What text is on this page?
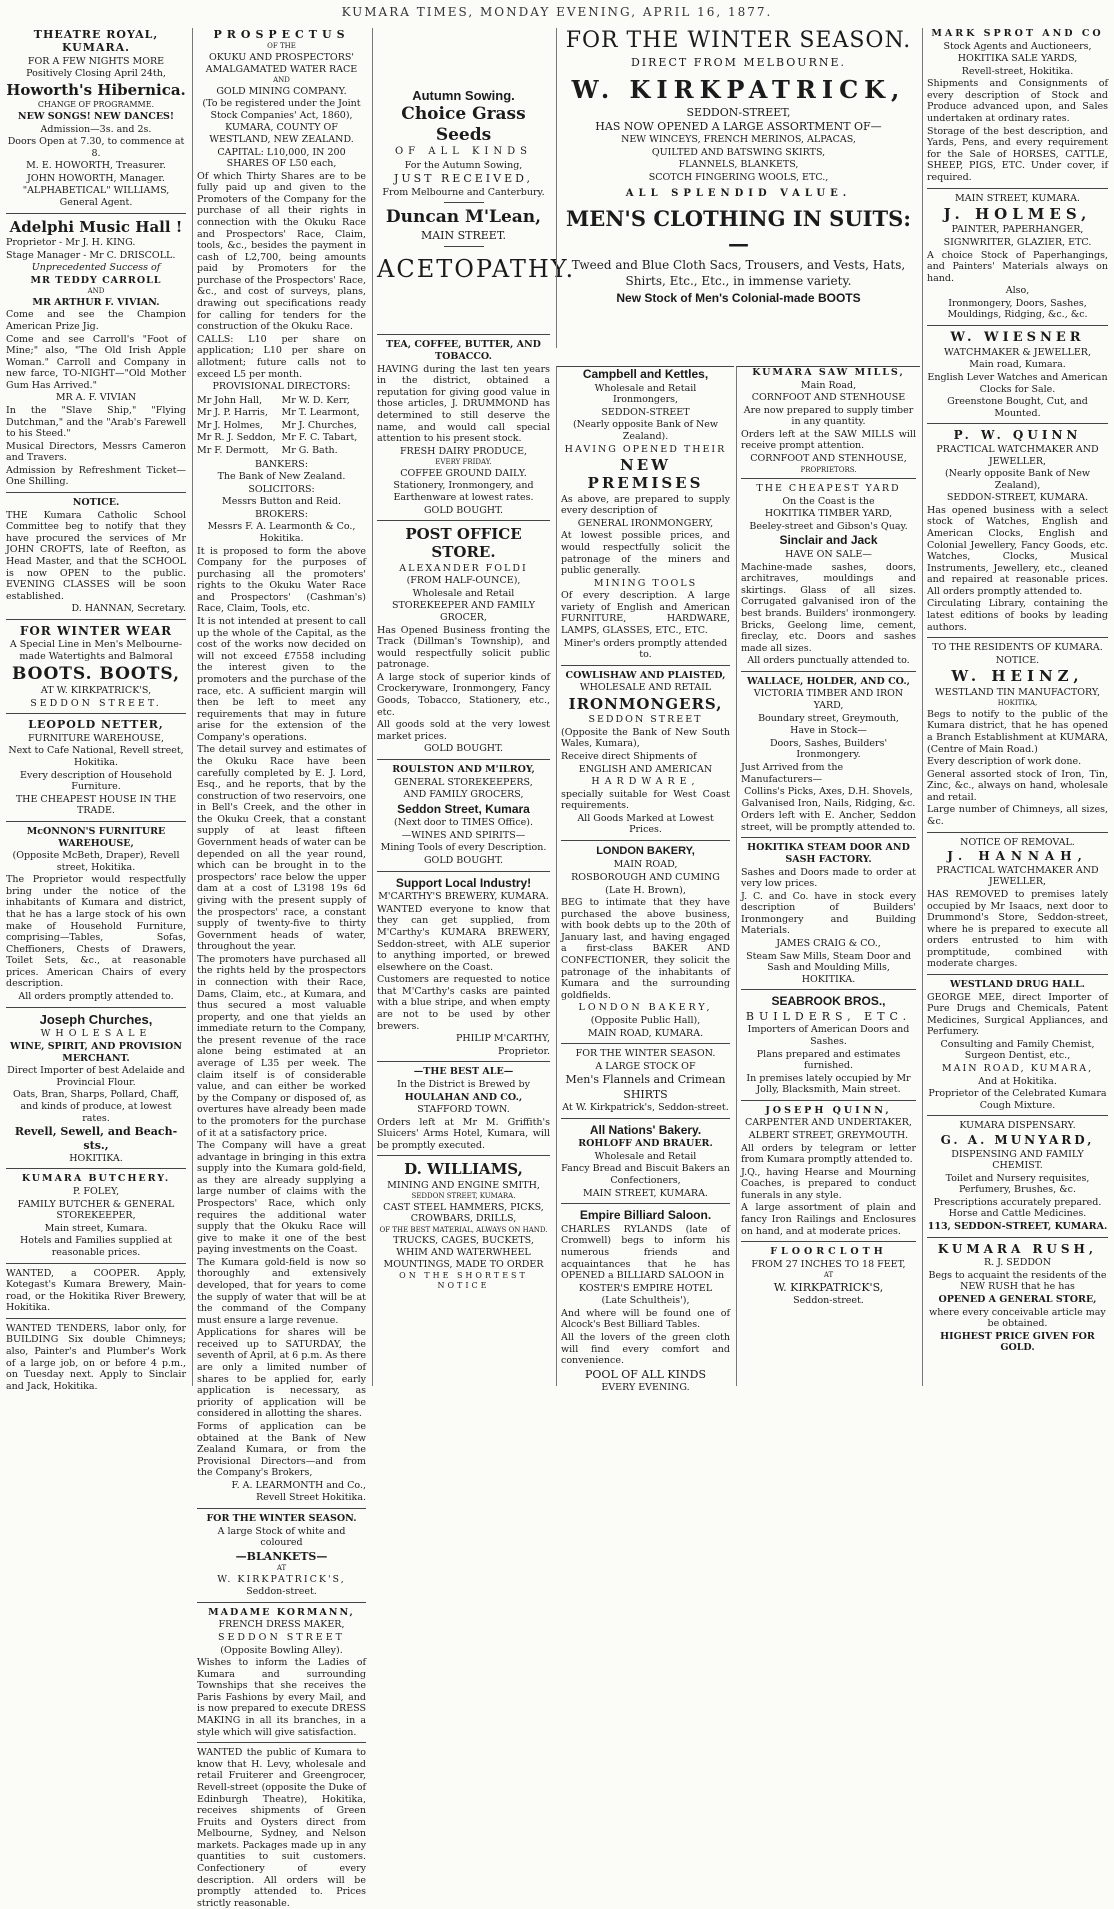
KUMARA TIMES, MONDAY EVENING, APRIL 16, 1877.
THEATRE ROYAL, KUMARA.
FOR A FEW NIGHTS MORE
Positively Closing April 24th,
Howorth's Hibernica.
CHANGE OF PROGRAMME.
NEW SONGS! NEW DANCES!
Admission—3s. and 2s.
Doors Open at 7.30, to commence at 8.
M. E. HOWORTH, Treasurer.
JOHN HOWORTH, Manager.
"ALPHABETICAL" WILLIAMS, General Agent.
Adelphi Music Hall !
Proprietor - Mr J. H. KING.
Stage Manager - Mr C. DRISCOLL.
Unprecedented Success of
MR TEDDY CARROLL
AND
MR ARTHUR F. VIVIAN.
Come and see the Champion American Prize Jig.
Come and see Carroll's "Foot of Mine;" also, "The Old Irish Apple Woman." Carroll and Company in new farce, TO-NIGHT—"Old Mother Gum Has Arrived."
MR A. F. VIVIAN
In the "Slave Ship," "Flying Dutchman," and the "Arab's Farewell to his Steed."
Musical Directors, Messrs Cameron and Travers.
Admission by Refreshment Ticket—One Shilling.
NOTICE.
THE Kumara Catholic School Committee beg to notify that they have procured the services of Mr JOHN CROFTS, late of Reefton, as Head Master, and that the SCHOOL is now OPEN to the public. EVENING CLASSES will be soon established.
D. HANNAN, Secretary.
FOR WINTER WEAR
A Special Line in Men's Melbourne-made Watertights and Balmoral
BOOTS. BOOTS,
AT W. KIRKPATRICK'S,
SEDDON STREET.
LEOPOLD NETTER,
FURNITURE WAREHOUSE,
Next to Cafe National, Revell street, Hokitika.
Every description of Household Furniture.
THE CHEAPEST HOUSE IN THE TRADE.
McONNON'S FURNITURE WAREHOUSE,
(Opposite McBeth, Draper), Revell street, Hokitika.
The Proprietor would respectfully bring under the notice of the inhabitants of Kumara and district, that he has a large stock of his own make of Household Furniture, comprising—Tables, Sofas, Cheffioners, Chests of Drawers, Toilet Sets, &c., at reasonable prices. American Chairs of every description.
All orders promptly attended to.
Joseph Churches,
WHOLESALE
WINE, SPIRIT, AND PROVISION MERCHANT.
Direct Importer of best Adelaide and Provincial Flour.
Oats, Bran, Sharps, Pollard, Chaff, and kinds of produce, at lowest rates.
Revell, Sewell, and Beach-sts.,
HOKITIKA.
KUMARA BUTCHERY.
P. FOLEY,
FAMILY BUTCHER & GENERAL STOREKEEPER,
Main street, Kumara.
Hotels and Families supplied at reasonable prices.
WANTED, a COOPER. Apply, Kotegast's Kumara Brewery, Main-road, or the Hokitika River Brewery, Hokitika.
WANTED TENDERS, labor only, for BUILDING Six double Chimneys; also, Painter's and Plumber's Work of a large job, on or before 4 p.m., on Tuesday next. Apply to Sinclair and Jack, Hokitika.
PROSPECTUS
OF THE
OKUKU AND PROSPECTORS' AMALGAMATED WATER RACE
AND
GOLD MINING COMPANY.
(To be registered under the Joint Stock Companies' Act, 1860),
KUMARA, COUNTY OF WESTLAND, NEW ZEALAND.
CAPITAL: L10,000, IN 200 SHARES OF L50 each,
Of which Thirty Shares are to be fully paid up and given to the Promoters of the Company for the purchase of all their rights in connection with the Okuku Race and Prospectors' Race, Claim, tools, &c., besides the payment in cash of L2,700, being amounts paid by Promoters for the purchase of the Prospectors' Race, &c., and cost of surveys, plans, drawing out specifications ready for calling for tenders for the construction of the Okuku Race.
CALLS: L10 per share on application; L10 per share on allotment; future calls not to exceed L5 per month.
PROVISIONAL DIRECTORS:
Mr John Hall,
Mr J. P. Harris,
Mr J. Holmes,
Mr R. J. Seddon,
Mr F. Dermott,
Mr W. D. Kerr,
Mr T. Learmont,
Mr J. Churches,
Mr F. C. Tabart,
Mr G. Bath.
BANKERS:
The Bank of New Zealand.
SOLICITORS:
Messrs Button and Reid.
BROKERS:
Messrs F. A. Learmonth & Co., Hokitika.
It is proposed to form the above Company for the purposes of purchasing all the promoters' rights to the Okuku Water Race and Prospectors' (Cashman's) Race, Claim, Tools, etc.
It is not intended at present to call up the whole of the Capital, as the cost of the works now decided on will not exceed £7558 including the interest given to the promoters and the purchase of the race, etc. A sufficient margin will then be left to meet any requirements that may in future arise for the extension of the Company's operations.
The detail survey and estimates of the Okuku Race have been carefully completed by E. J. Lord, Esq., and he reports, that by the construction of two reservoirs, one in Bell's Creek, and the other in the Okuku Creek, that a constant supply of at least fifteen Government heads of water can be depended on all the year round, which can be brought in to the prospectors' race below the upper dam at a cost of L3198 19s 6d giving with the present supply of the prospectors' race, a constant supply of twenty-five to thirty Government heads of water, throughout the year.
The promoters have purchased all the rights held by the prospectors in connection with their Race, Dams, Claim, etc., at Kumara, and thus secured a most valuable property, and one that yields an immediate return to the Company, the present revenue of the race alone being estimated at an average of L35 per week. The claim itself is of considerable value, and can either be worked by the Company or disposed of, as overtures have already been made to the promoters for the purchase of it at a satisfactory price.
The Company will have a great advantage in bringing in this extra supply into the Kumara gold-field, as they are already supplying a large number of claims with the Prospectors' Race, which only requires the additional water supply that the Okuku Race will give to make it one of the best paying investments on the Coast.
The Kumara gold-field is now so thoroughly and extensively developed, that for years to come the supply of water that will be at the command of the Company must ensure a large revenue.
Applications for shares will be received up to SATURDAY, the seventh of April, at 6 p.m. As there are only a limited number of shares to be applied for, early application is necessary, as priority of application will be considered in allotting the shares.
Forms of application can be obtained at the Bank of New Zealand Kumara, or from the Provisional Directors—and from the Company's Brokers,
F. A. LEARMONTH and Co.,
Revell Street Hokitika.
FOR THE WINTER SEASON.
A large Stock of white and coloured
—BLANKETS—
AT
W. KIRKPATRICK'S,
Seddon-street.
MADAME KORMANN,
FRENCH DRESS MAKER,
SEDDON STREET
(Opposite Bowling Alley).
Wishes to inform the Ladies of Kumara and surrounding Townships that she receives the Paris Fashions by every Mail, and is now prepared to execute DRESS MAKING in all its branches, in a style which will give satisfaction.
WANTED the public of Kumara to know that H. Levy, wholesale and retail Fruiterer and Greengrocer, Revell-street (opposite the Duke of Edinburgh Theatre), Hokitika, receives shipments of Green Fruits and Oysters direct from Melbourne, Sydney, and Nelson markets. Packages made up in any quantities to suit customers. Confectionery of every description. All orders will be promptly attended to. Prices strictly reasonable.
Autumn Sowing.
Choice Grass Seeds
OF ALL KINDS
For the Autumn Sowing,
JUST RECEIVED,
From Melbourne and Canterbury.
Duncan M'Lean,
MAIN STREET.
ACETOPATHY.
TEA, COFFEE, BUTTER, AND TOBACCO.
HAVING during the last ten years in the district, obtained a reputation for giving good value in those articles, J. DRUMMOND has determined to still deserve the name, and would call special attention to his present stock.
FRESH DAIRY PRODUCE,
EVERY FRIDAY.
COFFEE GROUND DAILY.
Stationery, Ironmongery, and Earthenware at lowest rates.
GOLD BOUGHT.
POST OFFICE STORE.
ALEXANDER FOLDI
(FROM HALF-OUNCE),
Wholesale and Retail
STOREKEEPER AND FAMILY GROCER,
Has Opened Business fronting the Track (Dillman's Township), and would respectfully solicit public patronage.
A large stock of superior kinds of Crockeryware, Ironmongery, Fancy Goods, Tobacco, Stationery, etc., etc.
All goods sold at the very lowest market prices.
GOLD BOUGHT.
ROULSTON AND M'ILROY,
GENERAL STOREKEEPERS,
AND FAMILY GROCERS,
Seddon Street, Kumara
(Next door to TIMES Office).
—WINES AND SPIRITS—
Mining Tools of every Description.
GOLD BOUGHT.
Support Local Industry!
M'CARTHY'S BREWERY, KUMARA.
WANTED everyone to know that they can get supplied, from M'Carthy's KUMARA BREWERY, Seddon-street, with ALE superior to anything imported, or brewed elsewhere on the Coast.
Customers are requested to notice that M'Carthy's casks are painted with a blue stripe, and when empty are not to be used by other brewers.
PHILIP M'CARTHY,
Proprietor.
—THE BEST ALE—
In the District is Brewed by
HOULAHAN AND CO.,
STAFFORD TOWN.
Orders left at Mr M. Griffith's Sluicers' Arms Hotel, Kumara, will be promptly executed.
D. WILLIAMS,
MINING AND ENGINE SMITH,
SEDDON STREET, KUMARA.
CAST STEEL HAMMERS, PICKS, CROWBARS, DRILLS,
OF THE BEST MATERIAL, ALWAYS ON HAND.
TRUCKS, CAGES, BUCKETS, WHIM AND WATERWHEEL MOUNTINGS, MADE TO ORDER
ON THE SHORTEST NOTICE
FOR THE WINTER SEASON.
DIRECT FROM MELBOURNE.
W. KIRKPATRICK,
SEDDON-STREET,
HAS NOW OPENED A LARGE ASSORTMENT OF—
NEW WINCEYS, FRENCH MERINOS, ALPACAS,
QUILTED AND BATSWING SKIRTS,
FLANNELS, BLANKETS,
SCOTCH FINGERING WOOLS, ETC.,
ALL SPLENDID VALUE.
MEN'S CLOTHING IN SUITS:—
Tweed and Blue Cloth Sacs, Trousers, and Vests, Hats,
Shirts, Etc., Etc., in immense variety.
New Stock of Men's Colonial-made BOOTS
Campbell and Kettles,
Wholesale and Retail Ironmongers,
SEDDON-STREET
(Nearly opposite Bank of New Zealand).
HAVING OPENED THEIR
NEW PREMISES
As above, are prepared to supply every description of
GENERAL IRONMONGERY,
At lowest possible prices, and would respectfully solicit the patronage of the miners and public generally.
MINING TOOLS
Of every description. A large variety of English and American FURNITURE, HARDWARE, LAMPS, GLASSES, ETC., ETC.
Miner's orders promptly attended to.
COWLISHAW AND PLAISTED,
WHOLESALE AND RETAIL
IRONMONGERS,
SEDDON STREET
(Opposite the Bank of New South Wales, Kumara),
Receive direct Shipments of
ENGLISH AND AMERICAN
HARDWARE,
specially suitable for West Coast requirements.
All Goods Marked at Lowest Prices.
LONDON BAKERY,
MAIN ROAD,
ROSBOROUGH AND CUMING
(Late H. Brown),
BEG to intimate that they have purchased the above business, with book debts up to the 20th of January last, and having engaged a first-class BAKER AND CONFECTIONER, they solicit the patronage of the inhabitants of Kumara and the surrounding goldfields.
LONDON BAKERY,
(Opposite Public Hall),
MAIN ROAD, KUMARA.
FOR THE WINTER SEASON.
A LARGE STOCK OF
Men's Flannels and Crimean
SHIRTS
At W. Kirkpatrick's, Seddon-street.
All Nations' Bakery.
ROHLOFF AND BRAUER.
Wholesale and Retail
Fancy Bread and Biscuit Bakers an Confectioners,
MAIN STREET, KUMARA.
Empire Billiard Saloon.
CHARLES RYLANDS (late of Cromwell) begs to inform his numerous friends and acquaintances that he has OPENED a BILLIARD SALOON in
KOSTER'S EMPIRE HOTEL
(Late Schultheis'),
And where will be found one of Alcock's Best Billiard Tables.
All the lovers of the green cloth will find every comfort and convenience.
POOL OF ALL KINDS
EVERY EVENING.
KUMARA SAW MILLS,
Main Road,
CORNFOOT AND STENHOUSE
Are now prepared to supply timber in any quantity.
Orders left at the SAW MILLS will receive prompt attention.
CORNFOOT AND STENHOUSE,
PROPRIETORS.
THE CHEAPEST YARD
On the Coast is the
HOKITIKA TIMBER YARD,
Beeley-street and Gibson's Quay.
Sinclair and Jack
HAVE ON SALE—
Machine-made sashes, doors, architraves, mouldings and skirtings. Glass of all sizes. Corrugated galvanised iron of the best brands. Builders' ironmongery. Bricks, Geelong lime, cement, fireclay, etc. Doors and sashes made all sizes.
All orders punctually attended to.
WALLACE, HOLDER, AND CO.,
VICTORIA TIMBER AND IRON YARD,
Boundary street, Greymouth,
Have in Stock—
Doors, Sashes, Builders' Ironmongery.
Just Arrived from the Manufacturers—
Collins's Picks, Axes, D.H. Shovels, Galvanised Iron, Nails, Ridging, &c.
Orders left with E. Ancher, Seddon street, will be promptly attended to.
HOKITIKA STEAM DOOR AND SASH FACTORY.
Sashes and Doors made to order at very low prices.
J. C. and Co. have in stock every description of Builders' Ironmongery and Building Materials.
JAMES CRAIG & CO.,
Steam Saw Mills, Steam Door and Sash and Moulding Mills, HOKITIKA.
SEABROOK BROS.,
BUILDERS, ETC.
Importers of American Doors and Sashes.
Plans prepared and estimates furnished.
In premises lately occupied by Mr Jolly, Blacksmith, Main street.
JOSEPH QUINN,
CARPENTER AND UNDERTAKER,
ALBERT STREET, GREYMOUTH.
All orders by telegram or letter from Kumara promptly attended to.
J.Q., having Hearse and Mourning Coaches, is prepared to conduct funerals in any style.
A large assortment of plain and fancy Iron Railings and Enclosures on hand, and at moderate prices.
FLOORCLOTH
FROM 27 INCHES TO 18 FEET,
AT
W. KIRKPATRICK'S,
Seddon-street.
MARK SPROT AND CO
Stock Agents and Auctioneers,
HOKITIKA SALE YARDS,
Revell-street, Hokitika.
Shipments and Consignments of every description of Stock and Produce advanced upon, and Sales undertaken at ordinary rates.
Storage of the best description, and Yards, Pens, and every requirement for the Sale of HORSES, CATTLE, SHEEP, PIGS, ETC. Under cover, if required.
MAIN STREET, KUMARA.
J. HOLMES,
PAINTER, PAPERHANGER,
SIGNWRITER, GLAZIER, ETC.
A choice Stock of Paperhangings, and Painters' Materials always on hand.
Also,
Ironmongery, Doors, Sashes, Mouldings, Ridging, &c., &c.
W. WIESNER
WATCHMAKER & JEWELLER,
Main road, Kumara.
English Lever Watches and American Clocks for Sale.
Greenstone Bought, Cut, and Mounted.
P. W. QUINN
PRACTICAL WATCHMAKER AND JEWELLER,
(Nearly opposite Bank of New Zealand),
SEDDON-STREET, KUMARA.
Has opened business with a select stock of Watches, English and American Clocks, English and Colonial Jewellery, Fancy Goods, etc. Watches, Clocks, Musical Instruments, Jewellery, etc., cleaned and repaired at reasonable prices. All orders promptly attended to.
Circulating Library, containing the latest editions of books by leading authors.
TO THE RESIDENTS OF KUMARA.
NOTICE.
W. HEINZ,
WESTLAND TIN MANUFACTORY,
HOKITIKA,
Begs to notify to the public of the Kumara district, that he has opened a Branch Establishment at KUMARA, (Centre of Main Road.)
Every description of work done.
General assorted stock of Iron, Tin, Zinc, &c., always on hand, wholesale and retail.
Large number of Chimneys, all sizes, &c.
NOTICE OF REMOVAL.
J. HANNAH,
PRACTICAL WATCHMAKER AND JEWELLER,
HAS REMOVED to premises lately occupied by Mr Isaacs, next door to Drummond's Store, Seddon-street, where he is prepared to execute all orders entrusted to him with promptitude, combined with moderate charges.
WESTLAND DRUG HALL.
GEORGE MEE, direct Importer of Pure Drugs and Chemicals, Patent Medicines, Surgical Appliances, and Perfumery.
Consulting and Family Chemist, Surgeon Dentist, etc.,
MAIN ROAD, KUMARA,
And at Hokitika.
Proprietor of the Celebrated Kumara Cough Mixture.
KUMARA DISPENSARY.
G. A. MUNYARD,
DISPENSING AND FAMILY CHEMIST.
Toilet and Nursery requisites, Perfumery, Brushes, &c.
Prescriptions accurately prepared. Horse and Cattle Medicines.
113, SEDDON-STREET, KUMARA.
KUMARA RUSH,
R. J. SEDDON
Begs to acquaint the residents of the NEW RUSH that he has
OPENED A GENERAL STORE,
where every conceivable article may be obtained.
HIGHEST PRICE GIVEN FOR GOLD.
